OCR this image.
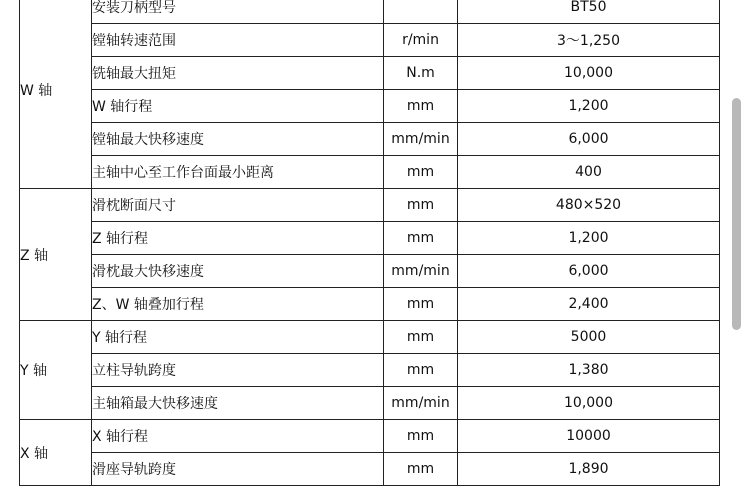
W 轴	安装刀柄型号		BT50
	镗轴转速范围	r/min	3～1,250
	铣轴最大扭矩	N.m	10,000
	W 轴行程	mm	1,200
	镗轴最大快移速度	mm/min	6,000
	主轴中心至工作台面最小距离	mm	400
Z 轴	滑枕断面尺寸	mm	480×520
	Z 轴行程	mm	1,200
	滑枕最大快移速度	mm/min	6,000
	Z、W 轴叠加行程	mm	2,400
Y 轴	Y 轴行程	mm	5000
	立柱导轨跨度	mm	1,380
	主轴箱最大快移速度	mm/min	10,000
X 轴	X 轴行程	mm	10000
	滑座导轨跨度	mm	1,890
